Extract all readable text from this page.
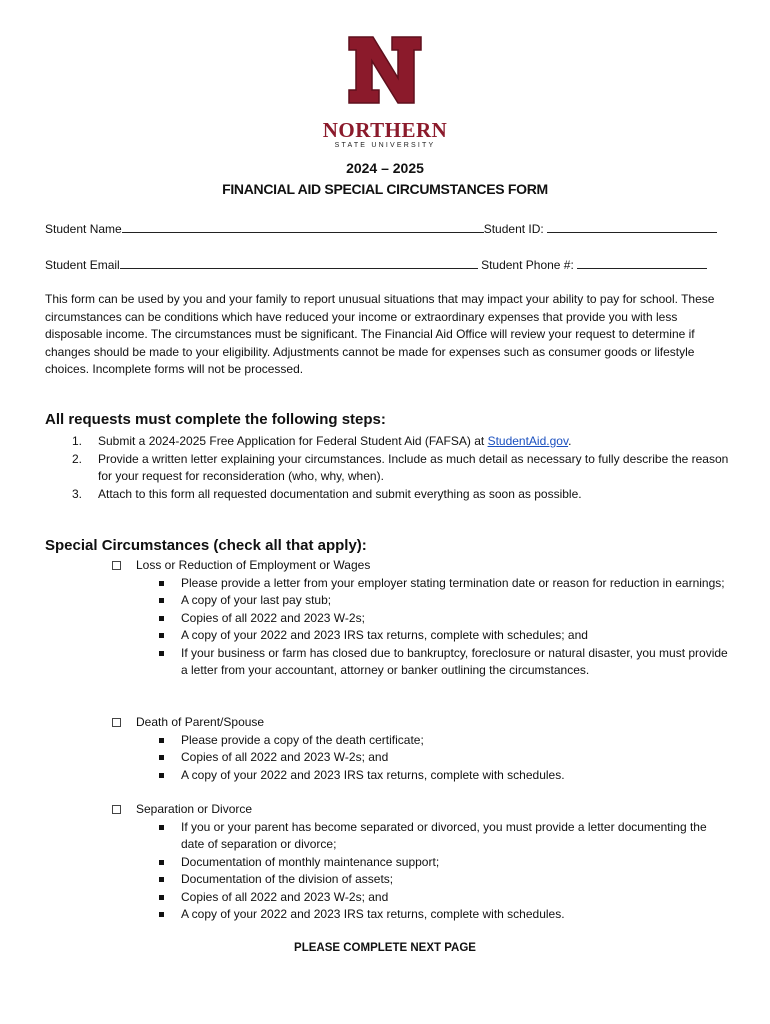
NORTHERN
STATE UNIVERSITY
2024 – 2025
FINANCIAL AID SPECIAL CIRCUMSTANCES FORM
Student Name	Student ID:
Student Email	Student Phone #:
This form can be used by you and your family to report unusual situations that may impact your ability to pay for school. These circumstances can be conditions which have reduced your income or extraordinary expenses that provide you with less disposable income. The circumstances must be significant. The Financial Aid Office will review your request to determine if changes should be made to your eligibility. Adjustments cannot be made for expenses such as consumer goods or lifestyle choices. Incomplete forms will not be processed.
All requests must complete the following steps:
1. Submit a 2024-2025 Free Application for Federal Student Aid (FAFSA) at StudentAid.gov.
2. Provide a written letter explaining your circumstances. Include as much detail as necessary to fully describe the reason for your request for reconsideration (who, why, when).
3. Attach to this form all requested documentation and submit everything as soon as possible.
Special Circumstances (check all that apply):
Loss or Reduction of Employment or Wages
Please provide a letter from your employer stating termination date or reason for reduction in earnings;
A copy of your last pay stub;
Copies of all 2022 and 2023 W-2s;
A copy of your 2022 and 2023 IRS tax returns, complete with schedules; and
If your business or farm has closed due to bankruptcy, foreclosure or natural disaster, you must provide a letter from your accountant, attorney or banker outlining the circumstances.
Death of Parent/Spouse
Please provide a copy of the death certificate;
Copies of all 2022 and 2023 W-2s; and
A copy of your 2022 and 2023 IRS tax returns, complete with schedules.
Separation or Divorce
If you or your parent has become separated or divorced, you must provide a letter documenting the date of separation or divorce;
Documentation of monthly maintenance support;
Documentation of the division of assets;
Copies of all 2022 and 2023 W-2s; and
A copy of your 2022 and 2023 IRS tax returns, complete with schedules.
PLEASE COMPLETE NEXT PAGE
